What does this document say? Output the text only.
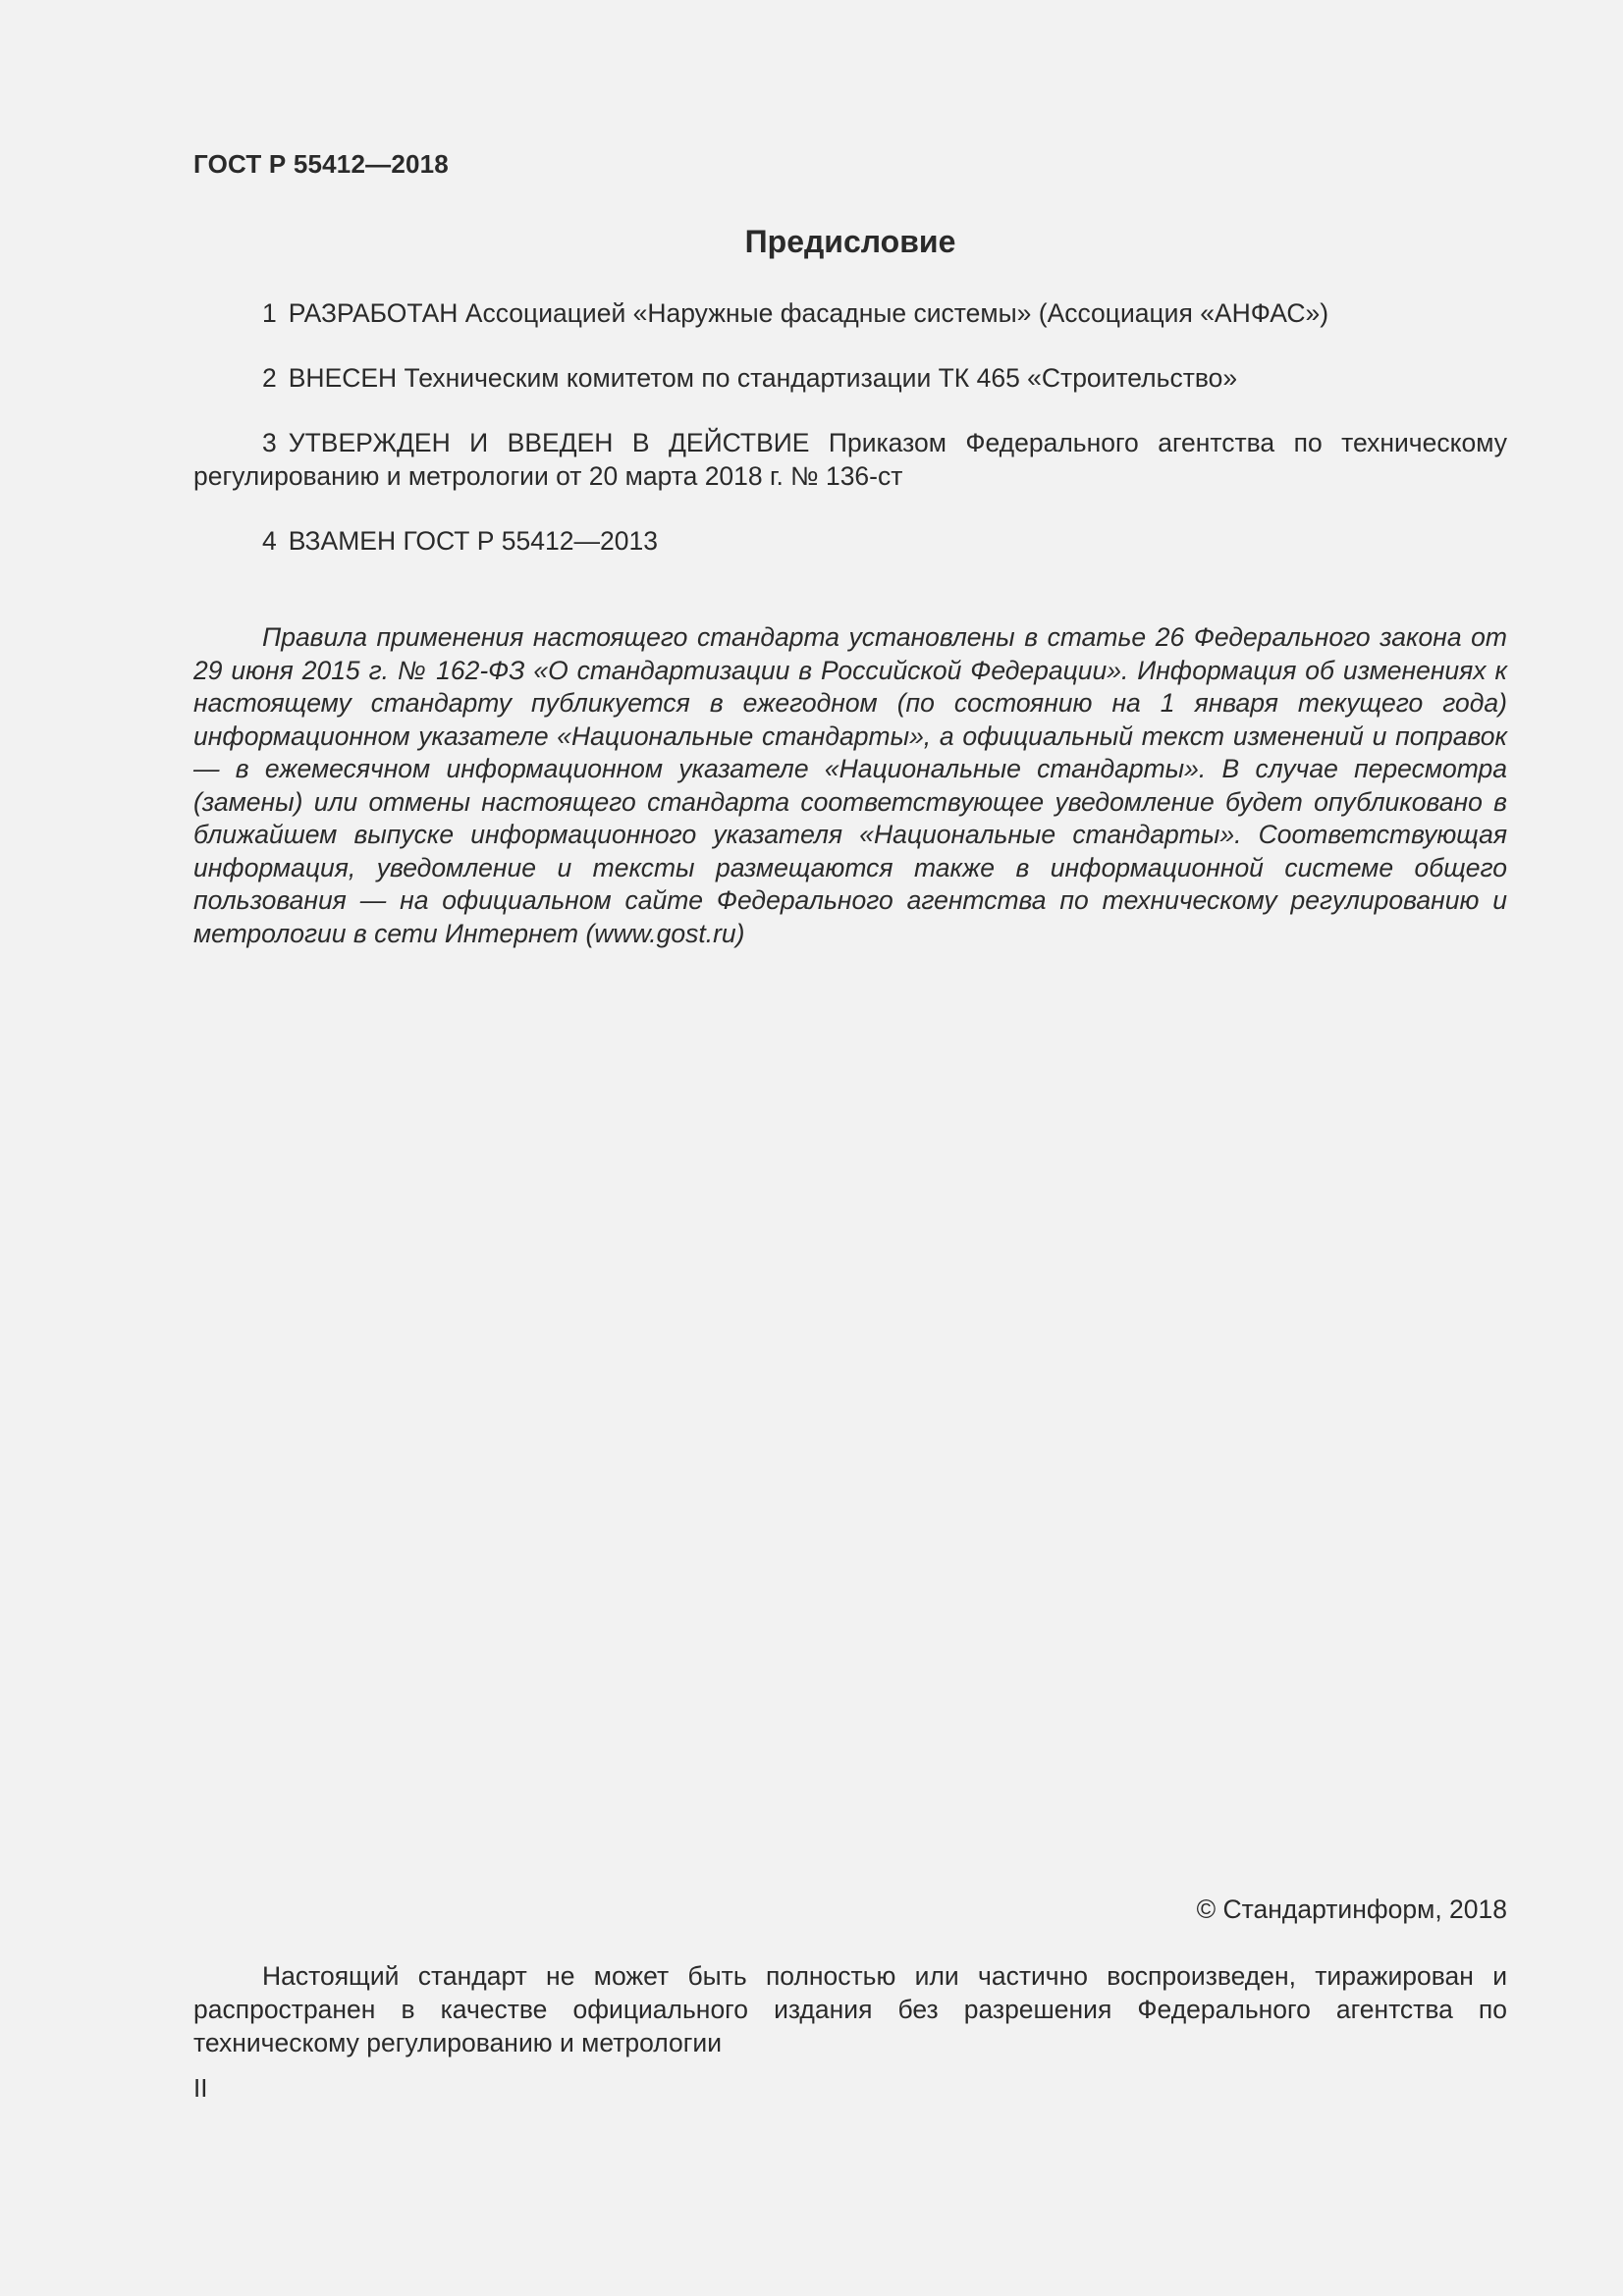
ГОСТ Р 55412—2018
Предисловие
1 РАЗРАБОТАН Ассоциацией «Наружные фасадные системы» (Ассоциация «АНФАС»)
2 ВНЕСЕН Техническим комитетом по стандартизации ТК 465 «Строительство»
3 УТВЕРЖДЕН И ВВЕДЕН В ДЕЙСТВИЕ Приказом Федерального агентства по техническому регулированию и метрологии от 20 марта 2018 г. № 136-ст
4 ВЗАМЕН ГОСТ Р 55412—2013
Правила применения настоящего стандарта установлены в статье 26 Федерального закона от 29 июня 2015 г. № 162-ФЗ «О стандартизации в Российской Федерации». Информация об изменениях к настоящему стандарту публикуется в ежегодном (по состоянию на 1 января текущего года) информационном указателе «Национальные стандарты», а официальный текст изменений и поправок — в ежемесячном информационном указателе «Национальные стандарты». В случае пересмотра (замены) или отмены настоящего стандарта соответствующее уведомление будет опубликовано в ближайшем выпуске информационного указателя «Национальные стандарты». Соответствующая информация, уведомление и тексты размещаются также в информационной системе общего пользования — на официальном сайте Федерального агентства по техническому регулированию и метрологии в сети Интернет (www.gost.ru)
© Стандартинформ, 2018
Настоящий стандарт не может быть полностью или частично воспроизведен, тиражирован и распространен в качестве официального издания без разрешения Федерального агентства по техническому регулированию и метрологии
II
